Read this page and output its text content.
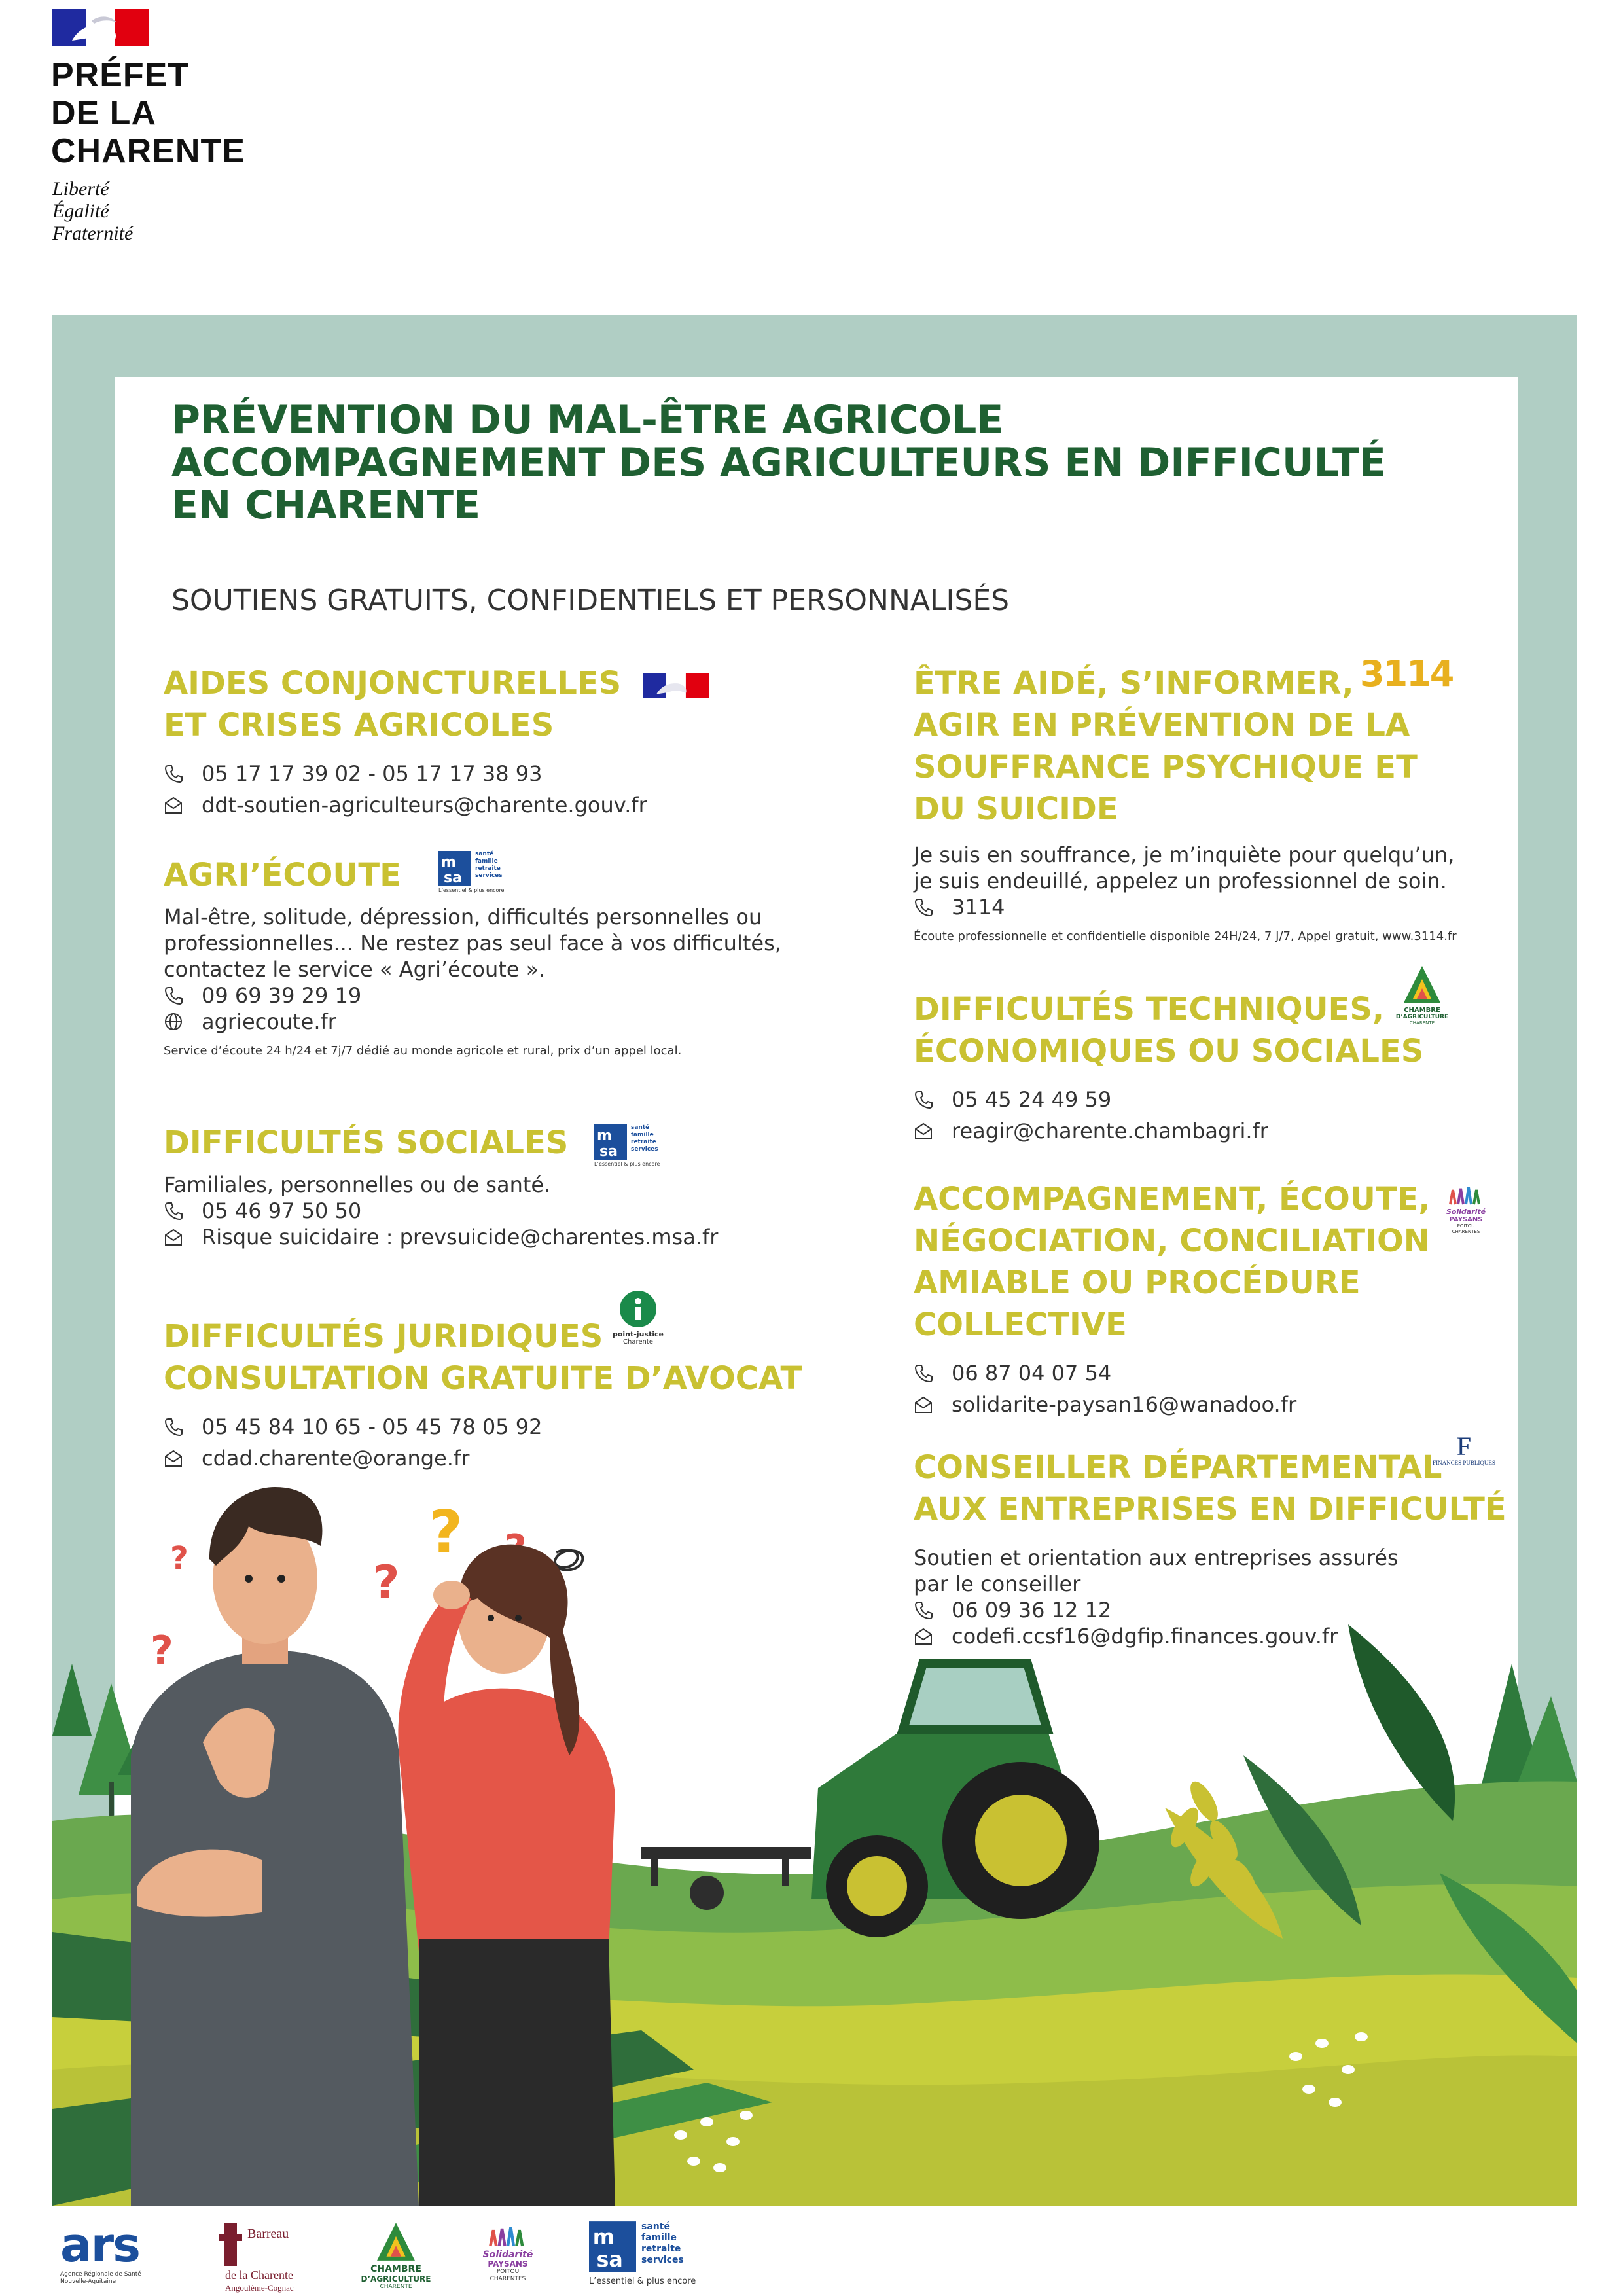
PRÉFET
DE LA
CHARENTE
Liberté
Égalité
Fraternité
?
?
?
?
PRÉVENTION DU MAL-ÊTRE AGRICOLE
ACCOMPAGNEMENT DES AGRICULTEURS EN DIFFICULTÉ
EN CHARENTE
SOUTIENS GRATUITS, CONFIDENTIELS ET PERSONNALISÉS
AIDES CONJONCTURELLES
ET CRISES AGRICOLES
05 17 17 39 02 - 05 17 17 38 93
ddt-soutien-agriculteurs@charente.gouv.fr
AGRI’ÉCOUTE
Mal-être, solitude, dépression, difficultés personnelles ou
professionnelles... Ne restez pas seul face à vos difficultés,
contactez le service « Agri’écoute ».
09 69 39 29 19
agriecoute.fr
Service d’écoute 24 h/24 et 7j/7 dédié au monde agricole et rural, prix d’un appel local.
m
sa
santé
famille
retraite
services
L’essentiel & plus encore
DIFFICULTÉS SOCIALES
Familiales, personnelles ou de santé.
05 46 97 50 50
Risque suicidaire : prevsuicide@charentes.msa.fr
m
sa
santé
famille
retraite
services
L’essentiel & plus encore
DIFFICULTÉS JURIDIQUES
CONSULTATION GRATUITE D’AVOCAT
05 45 84 10 65 - 05 45 78 05 92
cdad.charente@orange.fr
point-justice
Charente
ÊTRE AIDÉ, S’INFORMER,
AGIR EN PRÉVENTION DE LA
SOUFFRANCE PSYCHIQUE ET
DU SUICIDE
Je suis en souffrance, je m’inquiète pour quelqu’un,
je suis endeuillé, appelez un professionnel de soin.
3114
Écoute professionnelle et confidentielle disponible 24H/24, 7 J/7, Appel gratuit, www.3114.fr
3114
DIFFICULTÉS TECHNIQUES,
ÉCONOMIQUES OU SOCIALES
05 45 24 49 59
reagir@charente.chambagri.fr
CHAMBRE
D’AGRICULTURE
CHARENTE
ACCOMPAGNEMENT, ÉCOUTE,
NÉGOCIATION, CONCILIATION
AMIABLE OU PROCÉDURE
COLLECTIVE
06 87 04 07 54
solidarite-paysan16@wanadoo.fr
Solidarité
PAYSANS
POITOU
CHARENTES
CONSEILLER DÉPARTEMENTAL
AUX ENTREPRISES EN DIFFICULTÉ
Soutien et orientation aux entreprises assurés
par le conseiller
06 09 36 12 12
codefi.ccsf16@dgfip.finances.gouv.fr
F
FINANCES PUBLIQUES
ars
Agence Régionale de Santé Nouvelle-Aquitaine
Barreau
de la Charente
Angoulême-Cognac
CHAMBRE
D’AGRICULTURE
CHARENTE
Solidarité
PAYSANS
POITOU
CHARENTES
m
sa
santé
famille
retraite
services
L’essentiel & plus encore
